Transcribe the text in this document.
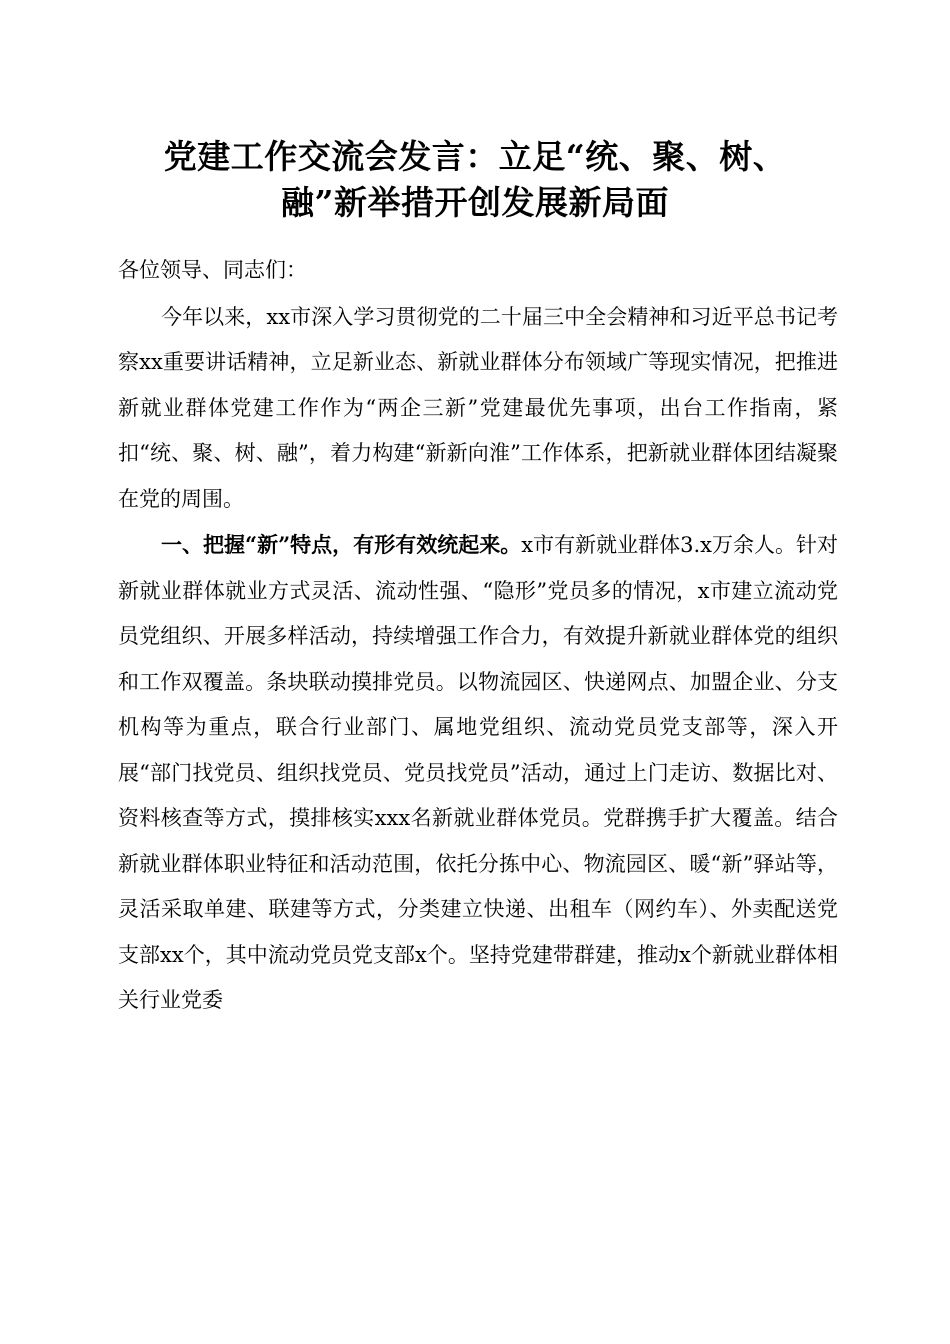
党建工作交流会发言：立足“统、聚、树、
融”新举措开创发展新局面

各位领导、同志们：

今年以来，xx市深入学习贯彻党的二十届三中全会精神和习近平总书记考察xx重要讲话精神，立足新业态、新就业群体分布领域广等现实情况，把推进新就业群体党建工作作为“两企三新”党建最优先事项，出台工作指南，紧扣“统、聚、树、融”，着力构建“新新向淮”工作体系，把新就业群体团结凝聚在党的周围。

一、把握“新”特点，有形有效统起来。x市有新就业群体3.x万余人。针对新就业群体就业方式灵活、流动性强、“隐形”党员多的情况，x市建立流动党员党组织、开展多样活动，持续增强工作合力，有效提升新就业群体党的组织和工作双覆盖。条块联动摸排党员。以物流园区、快递网点、加盟企业、分支机构等为重点，联合行业部门、属地党组织、流动党员党支部等，深入开展“部门找党员、组织找党员、党员找党员”活动，通过上门走访、数据比对、资料核查等方式，摸排核实xxx名新就业群体党员。党群携手扩大覆盖。结合新就业群体职业特征和活动范围，依托分拣中心、物流园区、暖“新”驿站等，灵活采取单建、联建等方式，分类建立快递、出租车（网约车）、外卖配送党支部xx个，其中流动党员党支部x个。坚持党建带群建，推动x个新就业群体相关行业党委
